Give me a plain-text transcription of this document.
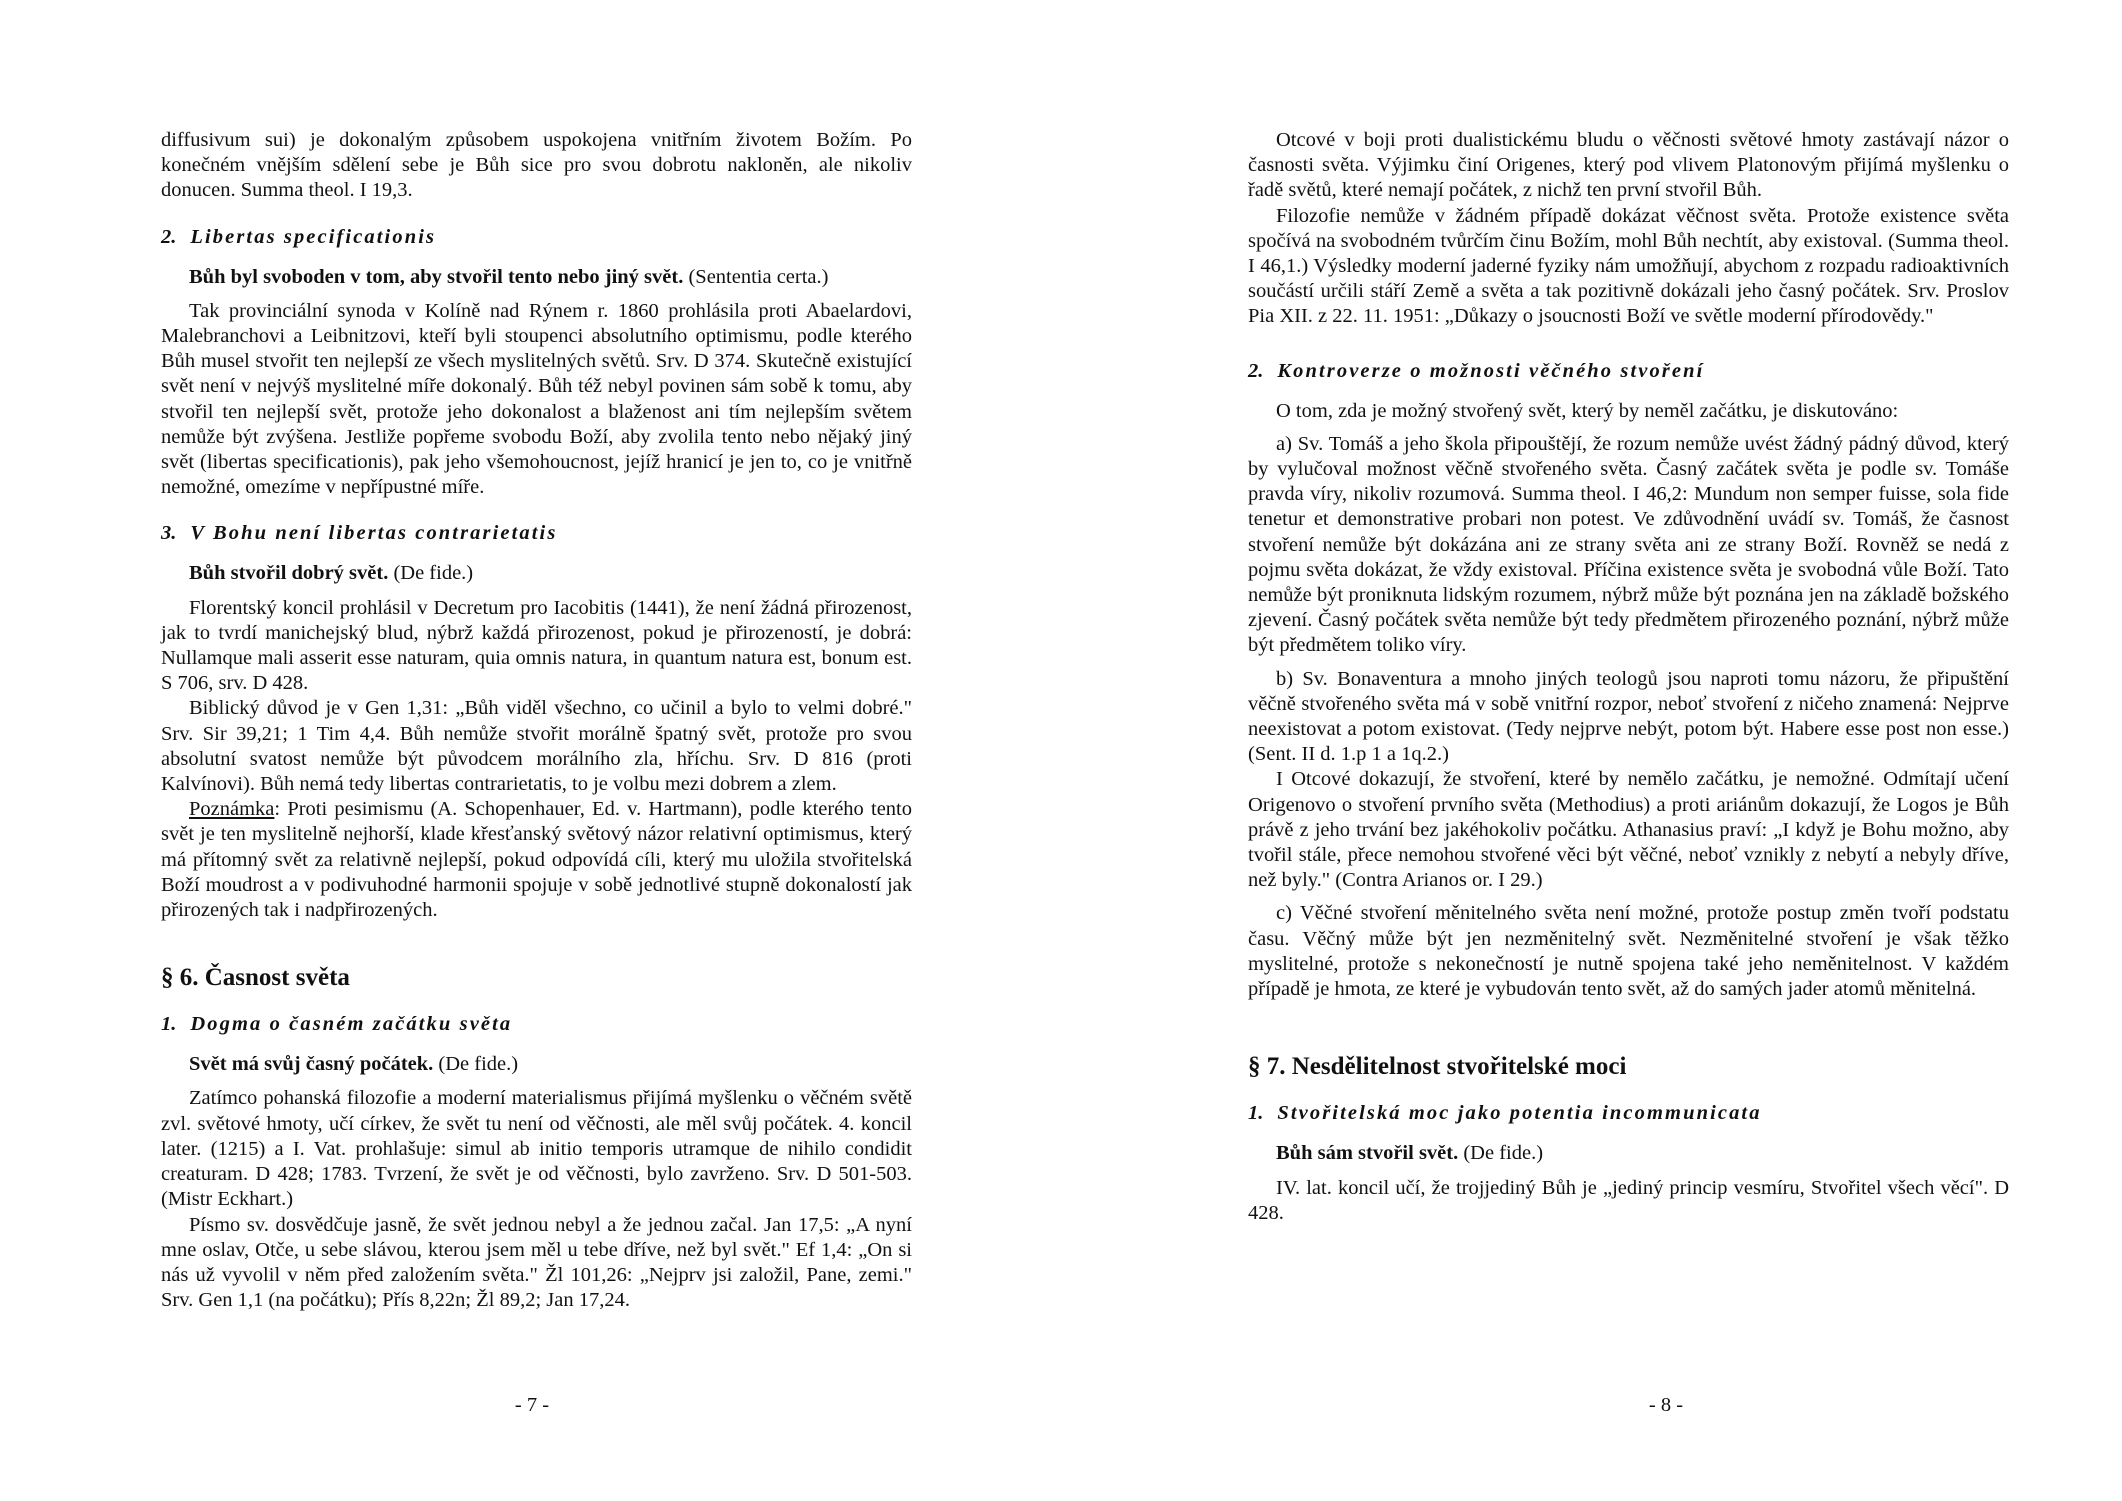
diffusivum sui) je dokonalým způsobem uspokojena vnitřním životem Božím. Po konečném vnějším sdělení sebe je Bůh sice pro svou dobrotu nakloněn, ale nikoliv donucen. Summa theol. I 19,3.

2. Libertas specificationis

Bůh byl svoboden v tom, aby stvořil tento nebo jiný svět. (Sententia certa.)

Tak provinciální synoda v Kolíně nad Rýnem r. 1860 prohlásila proti Abaelardovi, Malebranchovi a Leibnitzovi, kteří byli stoupenci absolutního optimismu, podle kterého Bůh musel stvořit ten nejlepší ze všech myslitelných světů. Srv. D 374. Skutečně existující svět není v nejvýš myslitelné míře dokonalý. Bůh též nebyl povinen sám sobě k tomu, aby stvořil ten nejlepší svět, protože jeho dokonalost a blaženost ani tím nejlepším světem nemůže být zvýšena. Jestliže popřeme svobodu Boží, aby zvolila tento nebo nějaký jiný svět (libertas specificationis), pak jeho všemohoucnost, jejíž hranicí je jen to, co je vnitřně nemožné, omezíme v nepřípustné míře.

3. V Bohu není libertas contrarietatis

Bůh stvořil dobrý svět. (De fide.)

Florentský koncil prohlásil v Decretum pro Iacobitis (1441), že není žádná přirozenost, jak to tvrdí manichejský blud, nýbrž každá přirozenost, pokud je přirozeností, je dobrá: Nullamque mali asserit esse naturam, quia omnis natura, in quantum natura est, bonum est. S 706, srv. D 428.

Biblický důvod je v Gen 1,31: „Bůh viděl všechno, co učinil a bylo to velmi dobré." Srv. Sir 39,21; 1 Tim 4,4. Bůh nemůže stvořit morálně špatný svět, protože pro svou absolutní svatost nemůže být původcem morálního zla, hříchu. Srv. D 816 (proti Kalvínovi). Bůh nemá tedy libertas contrarietatis, to je volbu mezi dobrem a zlem.

Poznámka: Proti pesimismu (A. Schopenhauer, Ed. v. Hartmann), podle kterého tento svět je ten myslitelně nejhorší, klade křesťanský světový názor relativní optimismus, který má přítomný svět za relativně nejlepší, pokud odpovídá cíli, který mu uložila stvořitelská Boží moudrost a v podivuhodné harmonii spojuje v sobě jednotlivé stupně dokonalostí jak přirozených tak i nadpřirozených.

§ 6. Časnost světa
1. Dogma o časném začátku světa

Svět má svůj časný počátek. (De fide.)

Zatímco pohanská filozofie a moderní materialismus přijímá myšlenku o věčném světě zvl. světové hmoty, učí církev, že svět tu není od věčnosti, ale měl svůj počátek. 4. koncil later. (1215) a I. Vat. prohlašuje: simul ab initio temporis utramque de nihilo condidit creaturam. D 428; 1783. Tvrzení, že svět je od věčnosti, bylo zavrženo. Srv. D 501-503. (Mistr Eckhart.)

Písmo sv. dosvědčuje jasně, že svět jednou nebyl a že jednou začal. Jan 17,5: „A nyní mne oslav, Otče, u sebe slávou, kterou jsem měl u tebe dříve, než byl svět." Ef 1,4: „On si nás už vyvolil v něm před založením světa." Žl 101,26: „Nejprv jsi založil, Pane, zemi." Srv. Gen 1,1 (na počátku); Přís 8,22n; Žl 89,2; Jan 17,24.

- 7 -

Otcové v boji proti dualistickému bludu o věčnosti světové hmoty zastávají názor o časnosti světa. Výjimku činí Origenes, který pod vlivem Platonovým přijímá myšlenku o řadě světů, které nemají počátek, z nichž ten první stvořil Bůh.

Filozofie nemůže v žádném případě dokázat věčnost světa. Protože existence světa spočívá na svobodném tvůrčím činu Božím, mohl Bůh nechtít, aby existoval. (Summa theol. I 46,1.) Výsledky moderní jaderné fyziky nám umožňují, abychom z rozpadu radioaktivních součástí určili stáří Země a světa a tak pozitivně dokázali jeho časný počátek. Srv. Proslov Pia XII. z 22. 11. 1951: „Důkazy o jsoucnosti Boží ve světle moderní přírodovědy."

2. Kontroverze o možnosti věčného stvoření

O tom, zda je možný stvořený svět, který by neměl začátku, je diskutováno:

a) Sv. Tomáš a jeho škola připouštějí, že rozum nemůže uvést žádný pádný důvod, který by vylučoval možnost věčně stvořeného světa. Časný začátek světa je podle sv. Tomáše pravda víry, nikoliv rozumová. Summa theol. I 46,2: Mundum non semper fuisse, sola fide tenetur et demonstrative probari non potest. Ve zdůvodnění uvádí sv. Tomáš, že časnost stvoření nemůže být dokázána ani ze strany světa ani ze strany Boží. Rovněž se nedá z pojmu světa dokázat, že vždy existoval. Příčina existence světa je svobodná vůle Boží. Tato nemůže být proniknuta lidským rozumem, nýbrž může být poznána jen na základě božského zjevení. Časný počátek světa nemůže být tedy předmětem přirozeného poznání, nýbrž může být předmětem toliko víry.

b) Sv. Bonaventura a mnoho jiných teologů jsou naproti tomu názoru, že připuštění věčně stvořeného světa má v sobě vnitřní rozpor, neboť stvoření z ničeho znamená: Nejprve neexistovat a potom existovat. (Tedy nejprve nebýt, potom být. Habere esse post non esse.) (Sent. II d. 1.p 1 a 1q.2.)

I Otcové dokazují, že stvoření, které by nemělo začátku, je nemožné. Odmítají učení Origenovo o stvoření prvního světa (Methodius) a proti ariánům dokazují, že Logos je Bůh právě z jeho trvání bez jakéhokoliv počátku. Athanasius praví: „I když je Bohu možno, aby tvořil stále, přece nemohou stvořené věci být věčné, neboť vznikly z nebytí a nebyly dříve, než byly." (Contra Arianos or. I 29.)

c) Věčné stvoření měnitelného světa není možné, protože postup změn tvoří podstatu času. Věčný může být jen nezměnitelný svět. Nezměnitelné stvoření je však těžko myslitelné, protože s nekonečností je nutně spojena také jeho neměnitelnost. V každém případě je hmota, ze které je vybudován tento svět, až do samých jader atomů měnitelná.

§ 7. Nesdělitelnost stvořitelské moci
1. Stvořitelská moc jako potentia incommunicata

Bůh sám stvořil svět. (De fide.)

IV. lat. koncil učí, že trojjediný Bůh je „jediný princip vesmíru, Stvořitel všech věcí". D 428.

- 8 -
